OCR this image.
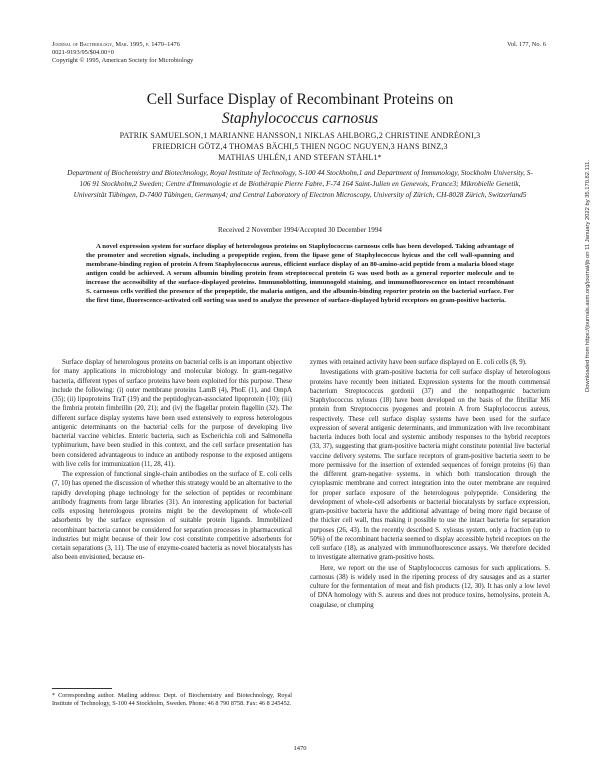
Journal of Bacteriology, Mar. 1995, p. 1470–1476
0021-9193/95/$04.00+0
Copyright © 1995, American Society for Microbiology
Vol. 177, No. 6
Cell Surface Display of Recombinant Proteins on
Staphylococcus carnosus
PATRIK SAMUELSON,1 MARIANNE HANSSON,1 NIKLAS AHLBORG,2 CHRISTINE ANDRÉONI,3
FRIEDRICH GÖTZ,4 THOMAS BÄCHI,5 THIEN NGOC NGUYEN,3 HANS BINZ,3
MATHIAS UHLÉN,1 AND STEFAN STÅHL1*
Department of Biochemistry and Biotechnology, Royal Institute of Technology, S-100 44 Stockholm,1 and Department of Immunology, Stockholm University, S-106 91 Stockholm,2 Sweden; Centre d'Immunologie et de Biothérapie Pierre Fabre, F-74 164 Saint-Julien en Genevois, France3; Mikrobielle Genetik, Universität Tübingen, D-7400 Tübingen, Germany4; and Central Laboratory of Electron Microscopy, University of Zürich, CH-8028 Zürich, Switzerland5
Received 2 November 1994/Accepted 30 December 1994
A novel expression system for surface display of heterologous proteins on Staphylococcus carnosus cells has been developed. Taking advantage of the promoter and secretion signals, including a propeptide region, from the lipase gene of Staphylococcus hyicus and the cell wall-spanning and membrane-binding region of protein A from Staphylococcus aureus, efficient surface display of an 80-amino-acid peptide from a malaria blood stage antigen could be achieved. A serum albumin binding protein from streptococcal protein G was used both as a general reporter molecule and to increase the accessibility of the surface-displayed proteins. Immunoblotting, immunogold staining, and immunofluorescence on intact recombinant S. carnosus cells verified the presence of the propeptide, the malaria antigen, and the albumin-binding reporter protein on the bacterial surface. For the first time, fluorescence-activated cell sorting was used to analyze the presence of surface-displayed hybrid receptors on gram-positive bacteria.

Surface display of heterologous proteins on bacterial cells is an important objective for many applications in microbiology and molecular biology. In gram-negative bacteria, different types of surface proteins have been exploited for this purpose. These include the following: (i) outer membrane proteins LamB (4), PhoE (1), and OmpA (35); (ii) lipoproteins TraT (19) and the peptidoglycan-associated lipoprotein (10); (iii) the fimbria protein fimbrillin (20, 21); and (iv) the flagellar protein flagellin (32). The different surface display systems have been used extensively to express heterologous antigenic determinants on the bacterial cells for the purpose of developing live bacterial vaccine vehicles. Enteric bacteria, such as Escherichia coli and Salmonella typhimurium, have been studied in this context, and the cell surface presentation has been considered advantageous to induce an antibody response to the exposed antigens with live cells for immunization (11, 28, 41).

The expression of functional single-chain antibodies on the surface of E. coli cells (7, 10) has opened the discussion of whether this strategy would be an alternative to the rapidly developing phage technology for the selection of peptides or recombinant antibody fragments from large libraries (31). An interesting application for bacterial cells exposing heterologous proteins might be the development of whole-cell adsorbents by the surface expression of suitable protein ligands. Immobilized recombinant bacteria cannot be considered for separation processes in pharmaceutical industries but might because of their low cost constitute competitive adsorbents for certain separations (3, 11). The use of enzyme-coated bacteria as novel biocatalysts has also been envisioned, because en-

zymes with retained activity have been surface displayed on E. coli cells (8, 9).

Investigations with gram-positive bacteria for cell surface display of heterologous proteins have recently been initiated. Expression systems for the mouth commensal bacterium Streptococcus gordonii (37) and the nonpathogenic bacterium Staphylococcus xylosus (18) have been developed on the basis of the fibrillar M6 protein from Streptococcus pyogenes and protein A from Staphylococcus aureus, respectively. These cell surface display systems have been used for the surface expression of several antigenic determinants, and immunization with live recombinant bacteria induces both local and systemic antibody responses to the hybrid receptors (33, 37), suggesting that gram-positive bacteria might constitute potential live bacterial vaccine delivery systems. The surface receptors of gram-positive bacteria seem to be more permissive for the insertion of extended sequences of foreign proteins (6) than the different gram-negative systems, in which both translocation through the cytoplasmic membrane and correct integration into the outer membrane are required for proper surface exposure of the heterologous polypeptide. Considering the development of whole-cell adsorbents or bacterial biocatalysts by surface expression, gram-positive bacteria have the additional advantage of being more rigid because of the thicker cell wall, thus making it possible to use the intact bacteria for separation purposes (26, 43). In the recently described S. xylosus system, only a fraction (up to 50%) of the recombinant bacteria seemed to display accessible hybrid receptors on the cell surface (18), as analyzed with immunofluorescence assays. We therefore decided to investigate alternative gram-positive hosts.

Here, we report on the use of Staphylococcus carnosus for such applications. S. carnosus (38) is widely used in the ripening process of dry sausages and as a starter culture for the fermentation of meat and fish products (12, 30). It has only a low level of DNA homology with S. aureus and does not produce toxins, hemolysins, protein A, coagulase, or clumping

* Corresponding author. Mailing address: Dept. of Biochemistry and Biotechnology, Royal Institute of Technology, S-100 44 Stockholm, Sweden. Phone: 46 8 790 8758. Fax: 46 8 245452.
1470
Downloaded from https://journals.asm.org/journal/jb on 11 January 2022 by 35.170.82.111.
